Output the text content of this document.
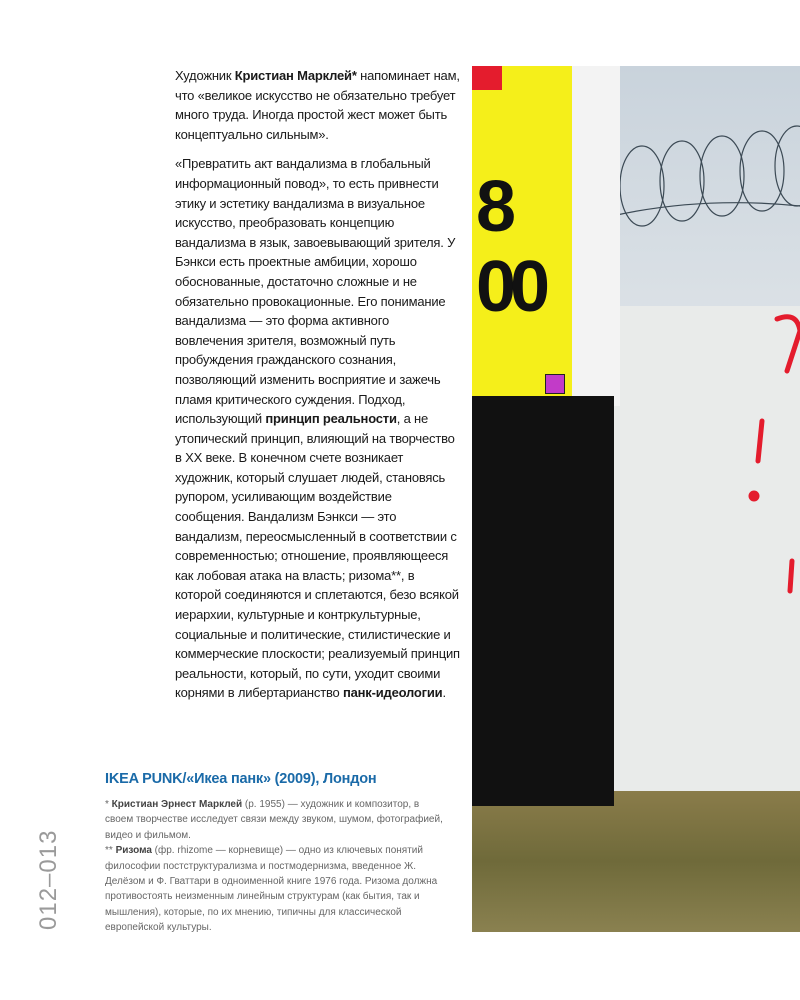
Художник Кристиан Марклей* напоминает нам, что «великое искусство не обязательно требует много труда. Иногда простой жест может быть концептуально сильным».

«Превратить акт вандализма в глобальный информационный повод», то есть привнести этику и эстетику вандализма в визуальное искусство, преобразовать концепцию вандализма в язык, завоевывающий зрителя. У Бэнкси есть проектные амбиции, хорошо обоснованные, достаточно сложные и не обязательно провокационные. Его понимание вандализма — это форма активного вовлечения зрителя, возможный путь пробуждения гражданского сознания, позволяющий изменить восприятие и зажечь пламя критического суждения. Подход, использующий принцип реальности, а не утопический принцип, влияющий на творчество в XX веке. В конечном счете возникает художник, который слушает людей, становясь рупором, усиливающим воздействие сообщения. Вандализм Бэнкси — это вандализм, переосмысленный в соответствии с современностью; отношение, проявляющееся как лобовая атака на власть; ризома**, в которой соединяются и сплетаются, безо всякой иерархии, культурные и контркультурные, социальные и политические, стилистические и коммерческие плоскости; реализуемый принцип реальности, который, по сути, уходит своими корнями в либертарианство панк-идеологии.

IKEA PUNK/«Икеа панк» (2009), Лондон

* Кристиан Эрнест Марклей (р. 1955) — художник и композитор, в своем творчестве исследует связи между звуком, шумом, фотографией, видео и фильмом.

** Ризома (фр. rhizome — корневище) — одно из ключевых понятий философии постструктурализма и постмодернизма, введенное Ж. Делёзом и Ф. Гваттари в одноименной книге 1976 года. Ризома должна противостоять неизменным линейным структурам (как бытия, так и мышления), которые, по их мнению, типичны для классической европейской культуры.

012–013
8
00
